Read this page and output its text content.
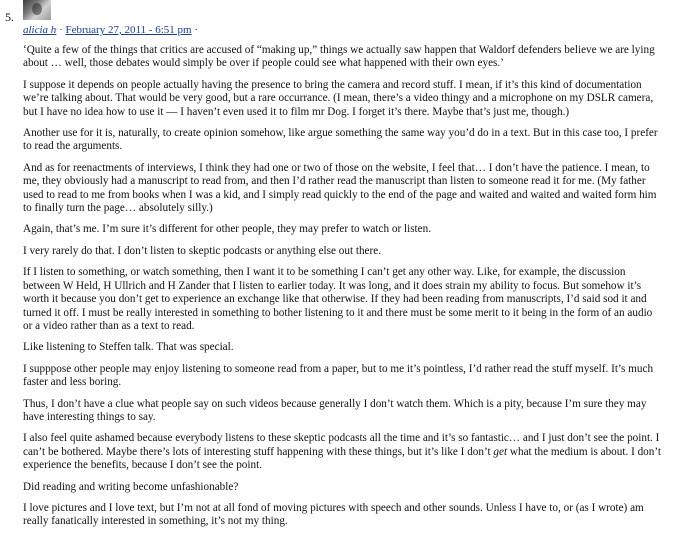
5.
alicia h · February 27, 2011 - 6:51 pm ·

‘Quite a few of the things that critics are accused of “making up,” things we actually saw happen that Waldorf defenders believe we are lying about … well, those debates would simply be over if people could see what happened with their own eyes.’

I suppose it depends on people actually having the presence to bring the camera and record stuff. I mean, if it’s this kind of documentation we’re talking about. That would be very good, but a rare occurrance. (I mean, there’s a video thingy and a microphone on my DSLR camera, but I have no idea how to use it — I haven’t even used it to film mr Dog. I forget it’s there. Maybe that’s just me, though.)

Another use for it is, naturally, to create opinion somehow, like argue something the same way you’d do in a text. But in this case too, I prefer to read the arguments.

And as for reenactments of interviews, I think they had one or two of those on the website, I feel that… I don’t have the patience. I mean, to me, they obviously had a manuscript to read from, and then I’d rather read the manuscript than listen to someone read it for me. (My father used to read to me from books when I was a kid, and I simply read quickly to the end of the page and waited and waited and waited form him to finally turn the page… absolutely silly.)

Again, that’s me. I’m sure it’s different for other people, they may prefer to watch or listen.

I very rarely do that. I don’t listen to skeptic podcasts or anything else out there.

If I listen to something, or watch something, then I want it to be something I can’t get any other way. Like, for example, the discussion between W Held, H Ullrich and H Zander that I listen to earlier today. It was long, and it does strain my ability to focus. But somehow it’s worth it because you don’t get to experience an exchange like that otherwise. If they had been reading from manuscripts, I’d said sod it and turned it off. I must be really interested in something to bother listening to it and there must be some merit to it being in the form of an audio or a video rather than as a text to read.

Like listening to Steffen talk. That was special.

I supppose other people may enjoy listening to someone read from a paper, but to me it’s pointless, I’d rather read the stuff myself. It’s much faster and less boring.

Thus, I don’t have a clue what people say on such videos because generally I don’t watch them. Which is a pity, because I’m sure they may have interesting things to say.

I also feel quite ashamed because everybody listens to these skeptic podcasts all the time and it’s so fantastic… and I just don’t see the point. I can’t be bothered. Maybe there’s lots of interesting stuff happening with these things, but it’s like I don’t get what the medium is about. I don’t experience the benefits, because I don’t see the point.

Did reading and writing become unfashionable?

I love pictures and I love text, but I’m not at all fond of moving pictures with speech and other sounds. Unless I have to, or (as I wrote) am really fanatically interested in something, it’s not my thing.
